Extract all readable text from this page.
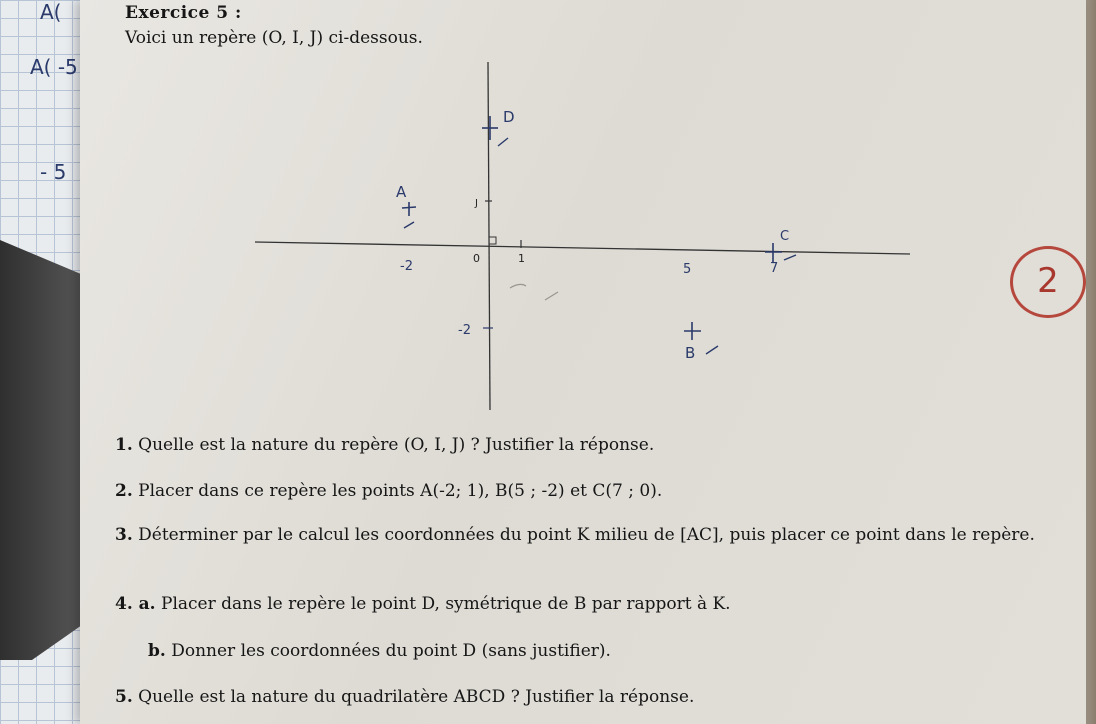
A(
A( -5
- 5
Exercice 5 :
Voici un repère (O, I, J) ci-dessous.
0	1
J
-2	5	7
-2
A
D
C
B
2
1. Quelle est la nature du repère (O, I, J) ? Justifier la réponse.
2. Placer dans ce repère les points A(-2; 1), B(5 ; -2) et C(7 ; 0).
3. Déterminer par le calcul les coordonnées du point K milieu de [AC], puis placer ce point dans le repère.
4. a. Placer dans le repère le point D, symétrique de B par rapport à K.
b. Donner les coordonnées du point D (sans justifier).
5. Quelle est la nature du quadrilatère ABCD ? Justifier la réponse.
